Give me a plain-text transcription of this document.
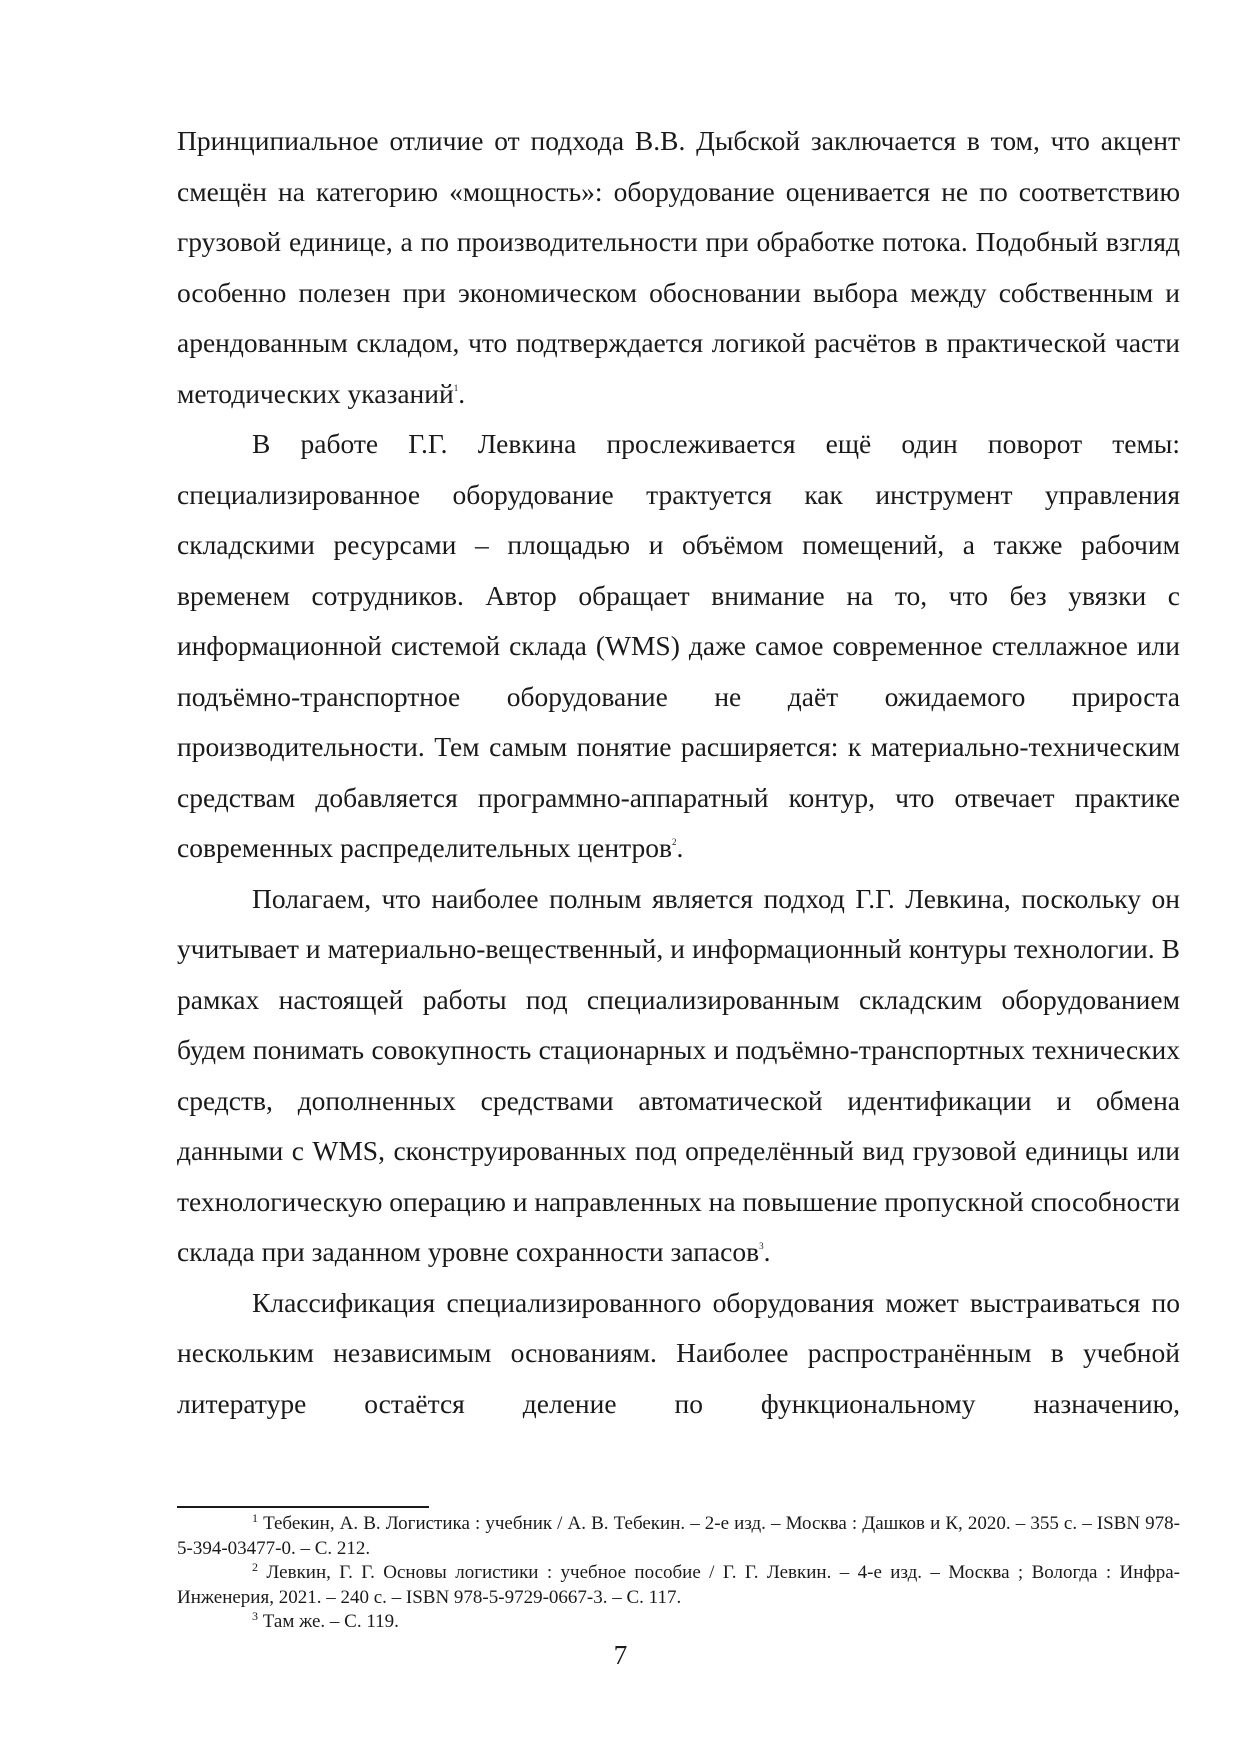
Принципиальное отличие от подхода В.В. Дыбской заключается в том, что акцент смещён на категорию «мощность»: оборудование оценивается не по соответствию грузовой единице, а по производительности при обработке потока. Подобный взгляд особенно полезен при экономическом обосновании выбора между собственным и арендованным складом, что подтверждается логикой расчётов в практической части методических указаний$^1$.

В работе Г.Г. Левкина прослеживается ещё один поворот темы: специализированное оборудование трактуется как инструмент управления складскими ресурсами – площадью и объёмом помещений, а также рабочим временем сотрудников. Автор обращает внимание на то, что без увязки с информационной системой склада (WMS) даже самое современное стеллажное или подъёмно-транспортное оборудование не даёт ожидаемого прироста производительности. Тем самым понятие расширяется: к материально-техническим средствам добавляется программно-аппаратный контур, что отвечает практике современных распределительных центров$^2$.

Полагаем, что наиболее полным является подход Г.Г. Левкина, поскольку он учитывает и материально-вещественный, и информационный контуры технологии. В рамках настоящей работы под специализированным складским оборудованием будем понимать совокупность стационарных и подъёмно-транспортных технических средств, дополненных средствами автоматической идентификации и обмена данными с WMS, сконструированных под определённый вид грузовой единицы или технологическую операцию и направленных на повышение пропускной способности склада при заданном уровне сохранности запасов$^3$.

Классификация специализированного оборудования может выстраиваться по нескольким независимым основаниям. Наиболее распространённым в учебной литературе остаётся деление по функциональному назначению,

$^1$ Тебекин, А. В. Логистика : учебник / А. В. Тебекин. – 2-е изд. – Москва : Дашков и К, 2020. – 355 с. – ISBN 978-5-394-03477-0. – С. 212.

$^2$ Левкин, Г. Г. Основы логистики : учебное пособие / Г. Г. Левкин. – 4-е изд. – Москва ; Вологда : Инфра-Инженерия, 2021. – 240 с. – ISBN 978-5-9729-0667-3. – С. 117.

$^3$ Там же. – С. 119.

7
